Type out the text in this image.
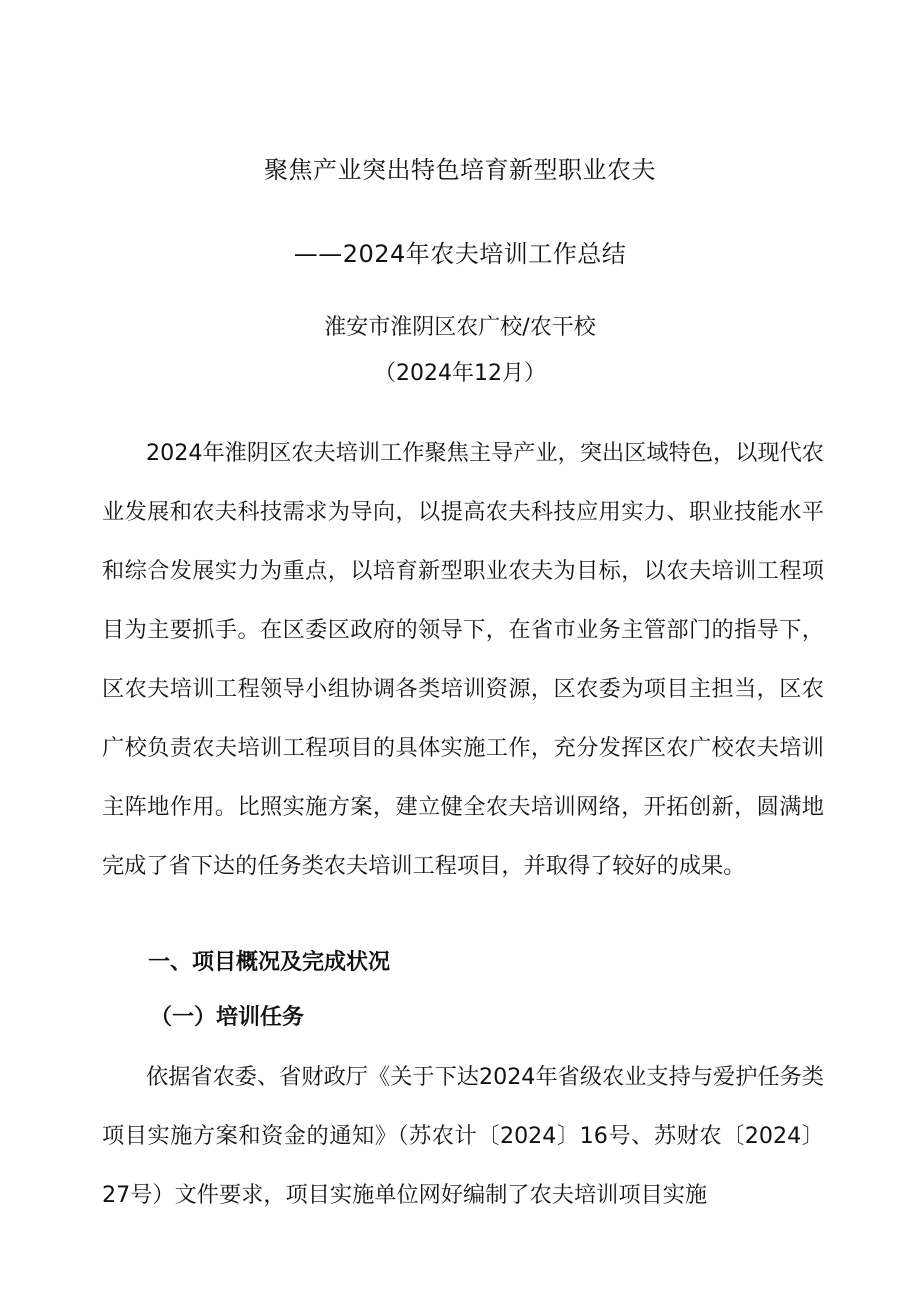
聚焦产业突出特色培育新型职业农夫
——2024年农夫培训工作总结
淮安市淮阴区农广校/农干校
（2024年12月）

2024年淮阴区农夫培训工作聚焦主导产业，突出区域特色，以现代农业发展和农夫科技需求为导向，以提高农夫科技应用实力、职业技能水平和综合发展实力为重点，以培育新型职业农夫为目标，以农夫培训工程项目为主要抓手。在区委区政府的领导下，在省市业务主管部门的指导下，区农夫培训工程领导小组协调各类培训资源，区农委为项目主担当，区农广校负责农夫培训工程项目的具体实施工作，充分发挥区农广校农夫培训主阵地作用。比照实施方案，建立健全农夫培训网络，开拓创新，圆满地完成了省下达的任务类农夫培训工程项目，并取得了较好的成果。

一、项目概况及完成状况
（一）培训任务

依据省农委、省财政厅《关于下达2024年省级农业支持与爱护任务类项目实施方案和资金的通知》（苏农计〔2024〕16号、苏财农〔2024〕27号）文件要求，项目实施单位网好编制了农夫培训项目实施
